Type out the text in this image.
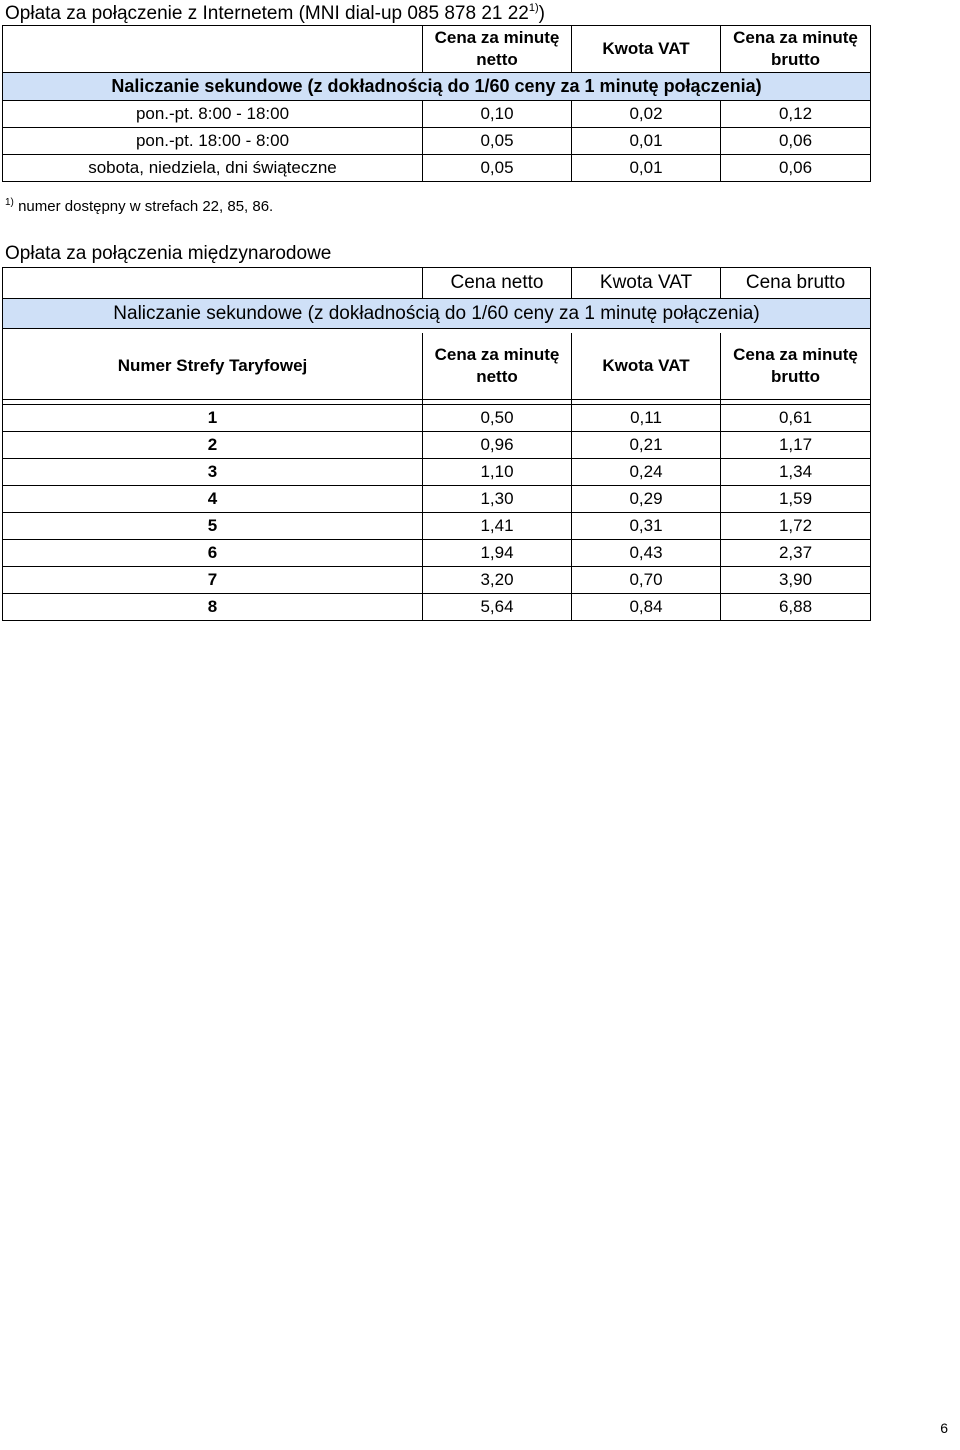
Opłata za połączenie z Internetem (MNI dial-up 085 878 21 22$^{1)}$)
	Cena za minutę netto	Kwota VAT	Cena za minutę brutto
Naliczanie sekundowe (z dokładnością do 1/60 ceny za 1 minutę połączenia)			
pon.-pt. 8:00 - 18:00	0,10	0,02	0,12
pon.-pt. 18:00 - 8:00	0,05	0,01	0,06
sobota, niedziela, dni świąteczne	0,05	0,01	0,06
$^{1)}$ numer dostępny w strefach 22, 85, 86.
Opłata za połączenia międzynarodowe
	Cena netto	Kwota VAT	Cena brutto
Naliczanie sekundowe (z dokładnością do 1/60 ceny za 1 minutę połączenia)			

Numer Strefy Taryfowej	Cena za minutę netto	Kwota VAT	Cena za minutę brutto

1	0,50	0,11	0,61
2	0,96	0,21	1,17
3	1,10	0,24	1,34
4	1,30	0,29	1,59
5	1,41	0,31	1,72
6	1,94	0,43	2,37
7	3,20	0,70	3,90
8	5,64	0,84	6,88
6
